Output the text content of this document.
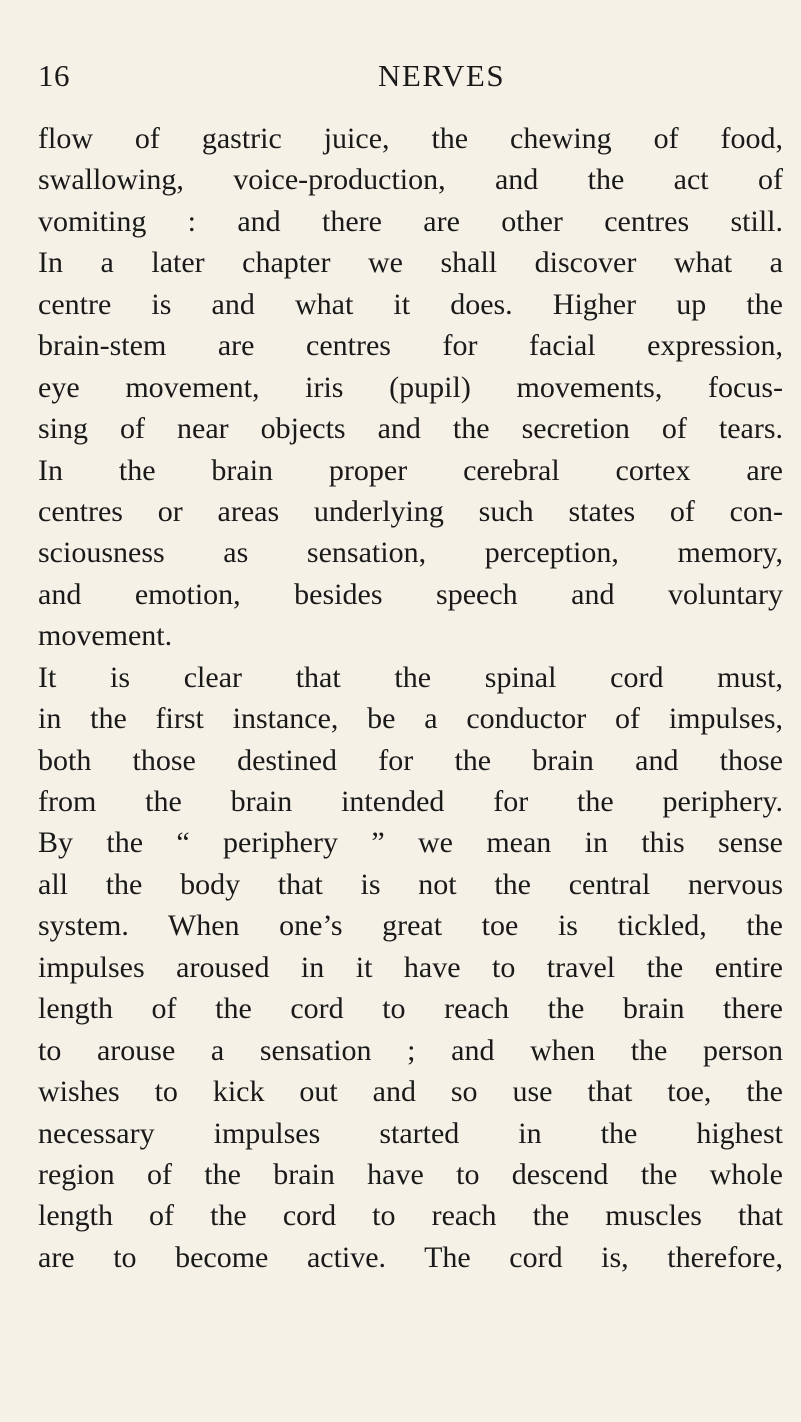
16	NERVES
flow of gastric juice, the chewing of food,
swallowing, voice-production, and the act of
vomiting : and there are other centres still.
In a later chapter we shall discover what a
centre is and what it does. Higher up the
brain-stem are centres for facial expression,
eye movement, iris (pupil) movements, focus-
sing of near objects and the secretion of tears.
In the brain proper cerebral cortex are
centres or areas underlying such states of con-
sciousness as sensation, perception, memory,
and emotion, besides speech and voluntary
movement.
It is clear that the spinal cord must,
in the first instance, be a conductor of impulses,
both those destined for the brain and those
from the brain intended for the periphery.
By the “ periphery ” we mean in this sense
all the body that is not the central nervous
system. When one’s great toe is tickled, the
impulses aroused in it have to travel the entire
length of the cord to reach the brain there
to arouse a sensation ; and when the person
wishes to kick out and so use that toe, the
necessary impulses started in the highest
region of the brain have to descend the whole
length of the cord to reach the muscles that
are to become active. The cord is, therefore,
